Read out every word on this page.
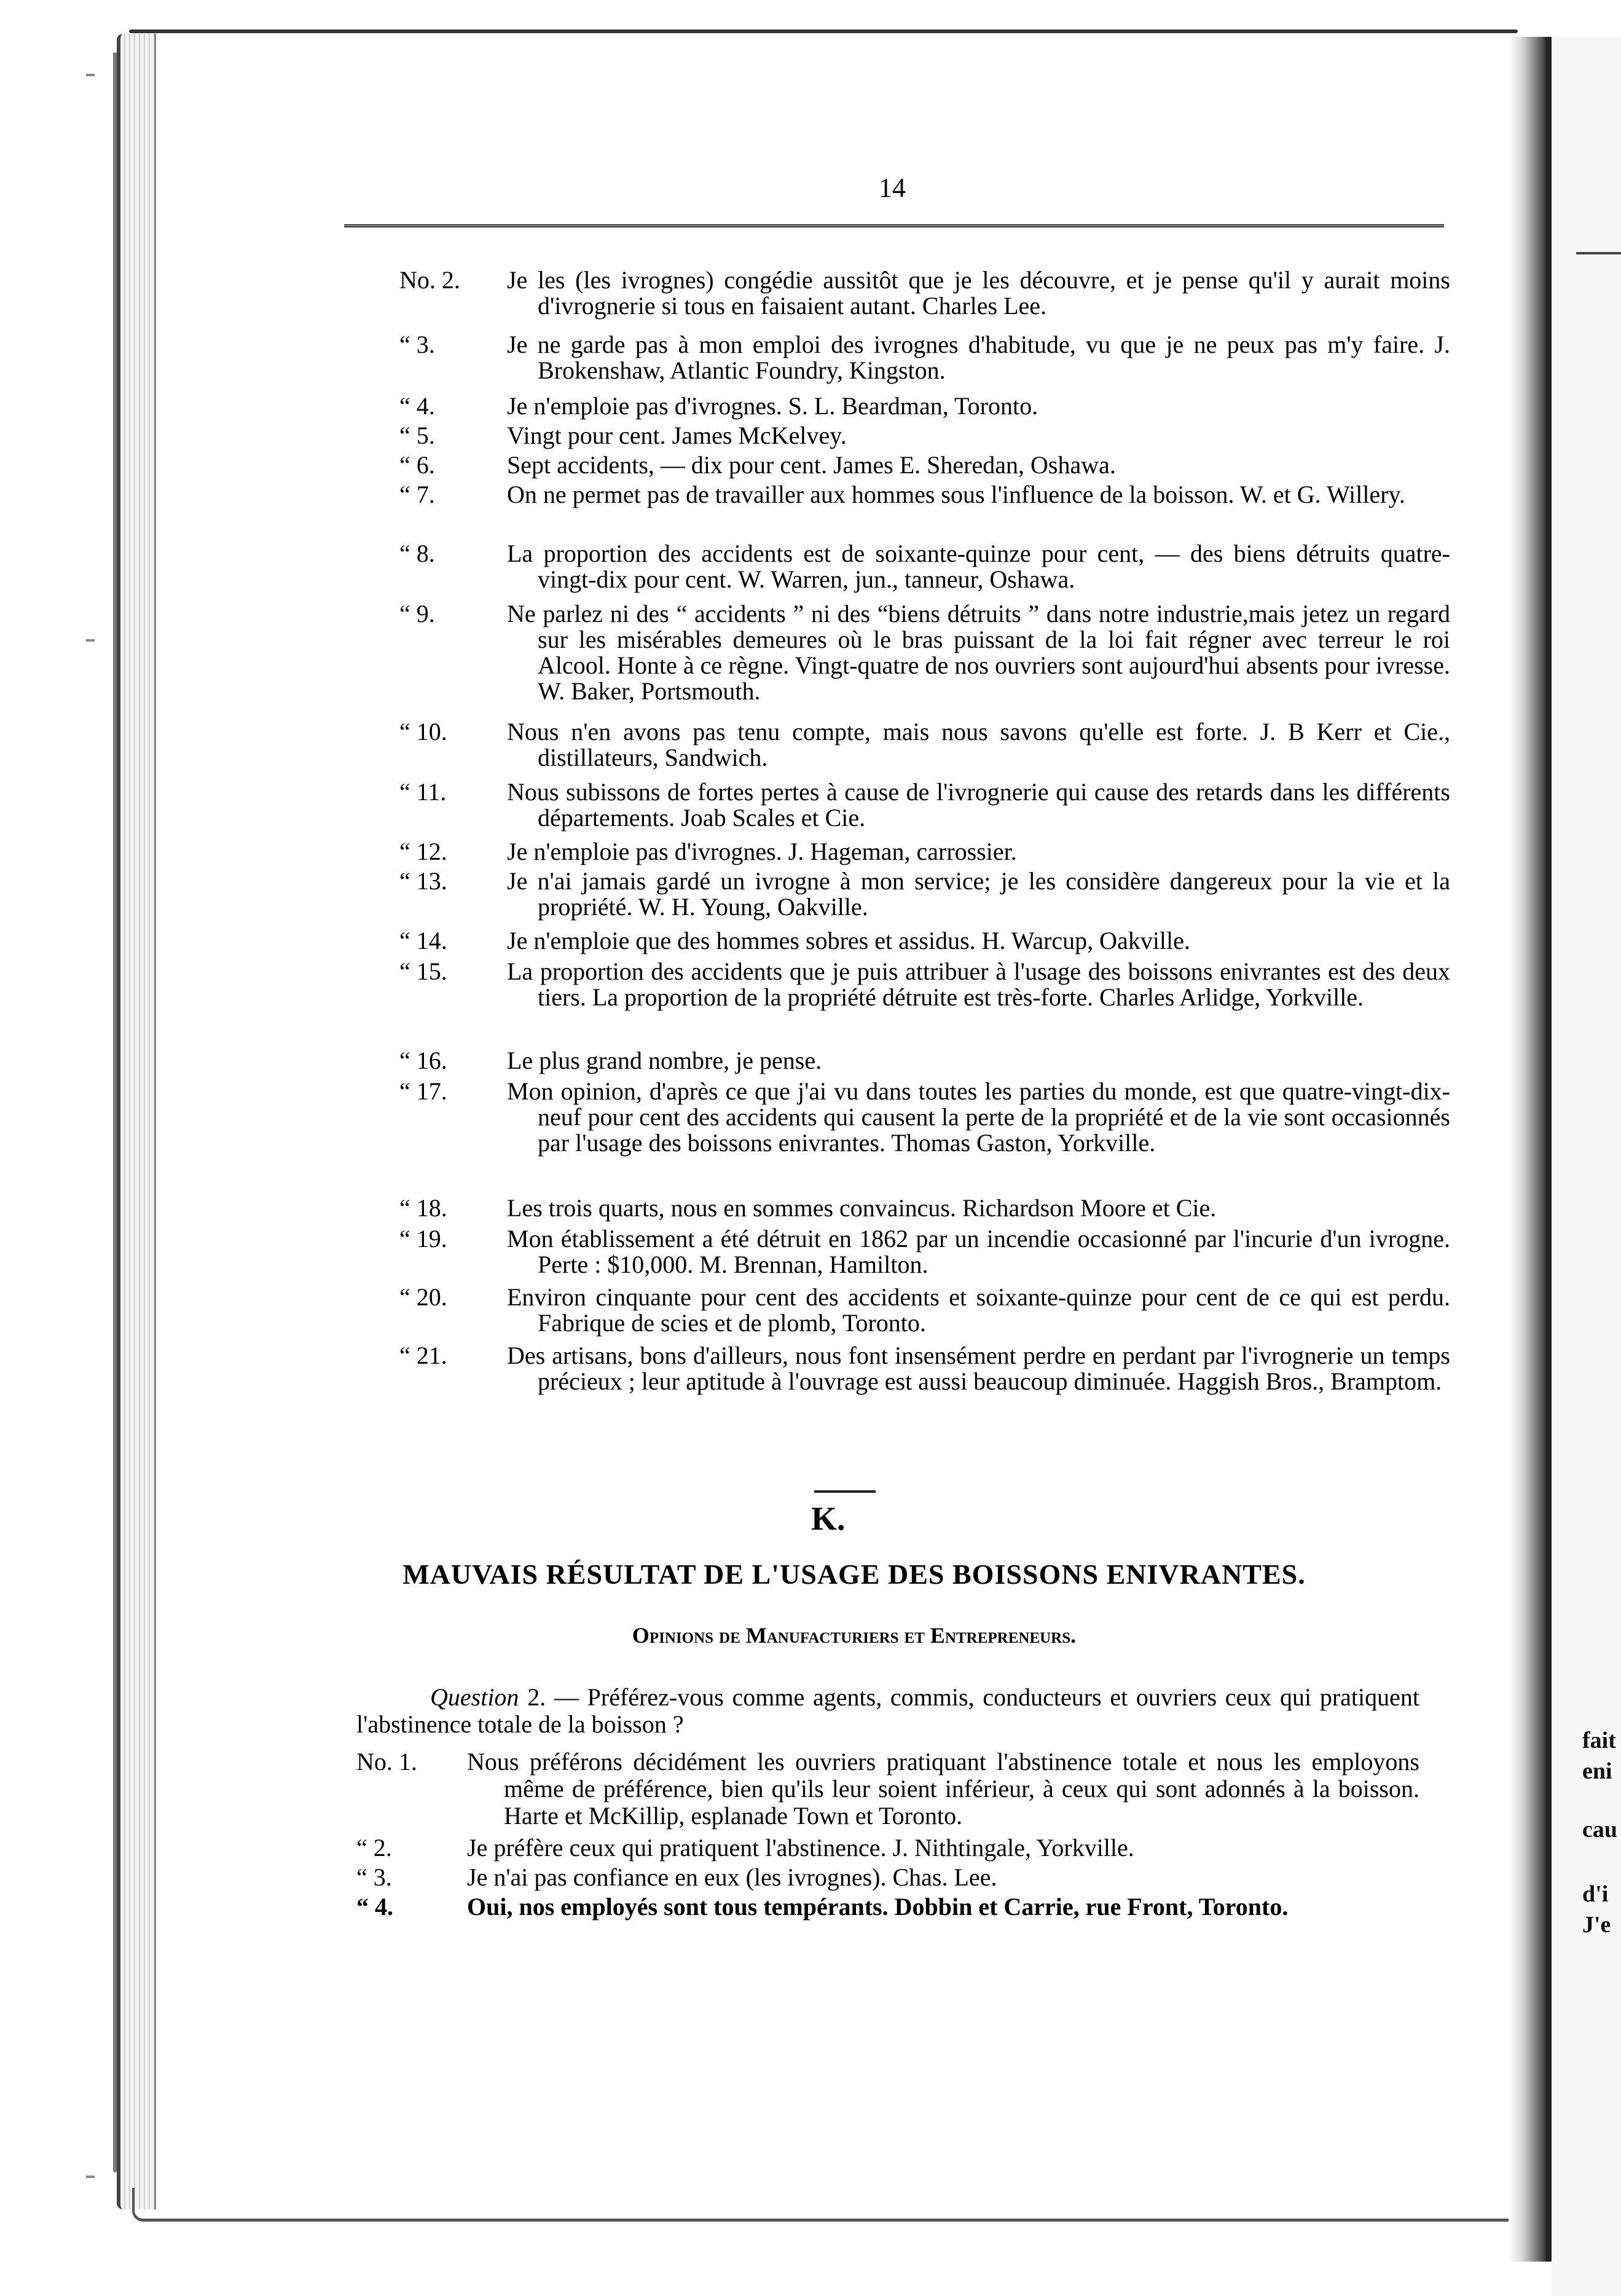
fait
eni
cau
d'i
J'e
14
No. 2.	Je les (les ivrognes) congédie aussitôt que je les découvre, et je pense qu'il y aurait moins d'ivrognerie si tous en faisaient autant. Charles Lee.
“ 3.	Je ne garde pas à mon emploi des ivrognes d'habitude, vu que je ne peux pas m'y faire. J. Brokenshaw, Atlantic Foundry, Kingston.
“ 4.	Je n'emploie pas d'ivrognes. S. L. Beardman, Toronto.
“ 5.	Vingt pour cent. James McKelvey.
“ 6.	Sept accidents, — dix pour cent. James E. Sheredan, Oshawa.
“ 7.	On ne permet pas de travailler aux hommes sous l'influence de la boisson. W. et G. Willery.
“ 8.	La proportion des accidents est de soixante-quinze pour cent, — des biens détruits quatre-vingt-dix pour cent. W. Warren, jun., tanneur, Oshawa.
“ 9.	Ne parlez ni des “ accidents ” ni des “biens détruits ” dans notre industrie,mais jetez un regard sur les misérables demeures où le bras puissant de la loi fait régner avec terreur le roi Alcool. Honte à ce règne. Vingt-quatre de nos ouvriers sont aujourd'hui absents pour ivresse. W. Baker, Portsmouth.
“ 10.	Nous n'en avons pas tenu compte, mais nous savons qu'elle est forte. J. B Kerr et Cie., distillateurs, Sandwich.
“ 11.	Nous subissons de fortes pertes à cause de l'ivrognerie qui cause des retards dans les différents départements. Joab Scales et Cie.
“ 12.	Je n'emploie pas d'ivrognes. J. Hageman, carrossier.
“ 13.	Je n'ai jamais gardé un ivrogne à mon service; je les considère dangereux pour la vie et la propriété. W. H. Young, Oakville.
“ 14.	Je n'emploie que des hommes sobres et assidus. H. Warcup, Oakville.
“ 15.	La proportion des accidents que je puis attribuer à l'usage des boissons enivrantes est des deux tiers. La proportion de la propriété détruite est très-forte. Charles Arlidge, Yorkville.
“ 16.	Le plus grand nombre, je pense.
“ 17.	Mon opinion, d'après ce que j'ai vu dans toutes les parties du monde, est que quatre-vingt-dix-neuf pour cent des accidents qui causent la perte de la propriété et de la vie sont occasionnés par l'usage des boissons enivrantes. Thomas Gaston, Yorkville.
“ 18.	Les trois quarts, nous en sommes convaincus. Richardson Moore et Cie.
“ 19.	Mon établissement a été détruit en 1862 par un incendie occasionné par l'incurie d'un ivrogne. Perte : $10,000. M. Brennan, Hamilton.
“ 20.	Environ cinquante pour cent des accidents et soixante-quinze pour cent de ce qui est perdu. Fabrique de scies et de plomb, Toronto.
“ 21.	Des artisans, bons d'ailleurs, nous font insensément perdre en perdant par l'ivrognerie un temps précieux ; leur aptitude à l'ouvrage est aussi beaucoup diminuée. Haggish Bros., Bramptom.
K.
MAUVAIS RÉSULTAT DE L'USAGE DES BOISSONS ENIVRANTES.
Opinions de Manufacturiers et Entrepreneurs.
Question 2. — Préférez-vous comme agents, commis, conducteurs et ouvriers ceux qui pratiquent l'abstinence totale de la boisson ?
No. 1.	Nous préférons décidément les ouvriers pratiquant l'abstinence totale et nous les employons même de préférence, bien qu'ils leur soient inférieur, à ceux qui sont adonnés à la boisson. Harte et McKillip, esplanade Town et Toronto.
“ 2.	Je préfère ceux qui pratiquent l'abstinence. J. Nithtingale, Yorkville.
“ 3.	Je n'ai pas confiance en eux (les ivrognes). Chas. Lee.
“ 4.	Oui, nos employés sont tous tempérants. Dobbin et Carrie, rue Front, Toronto.
